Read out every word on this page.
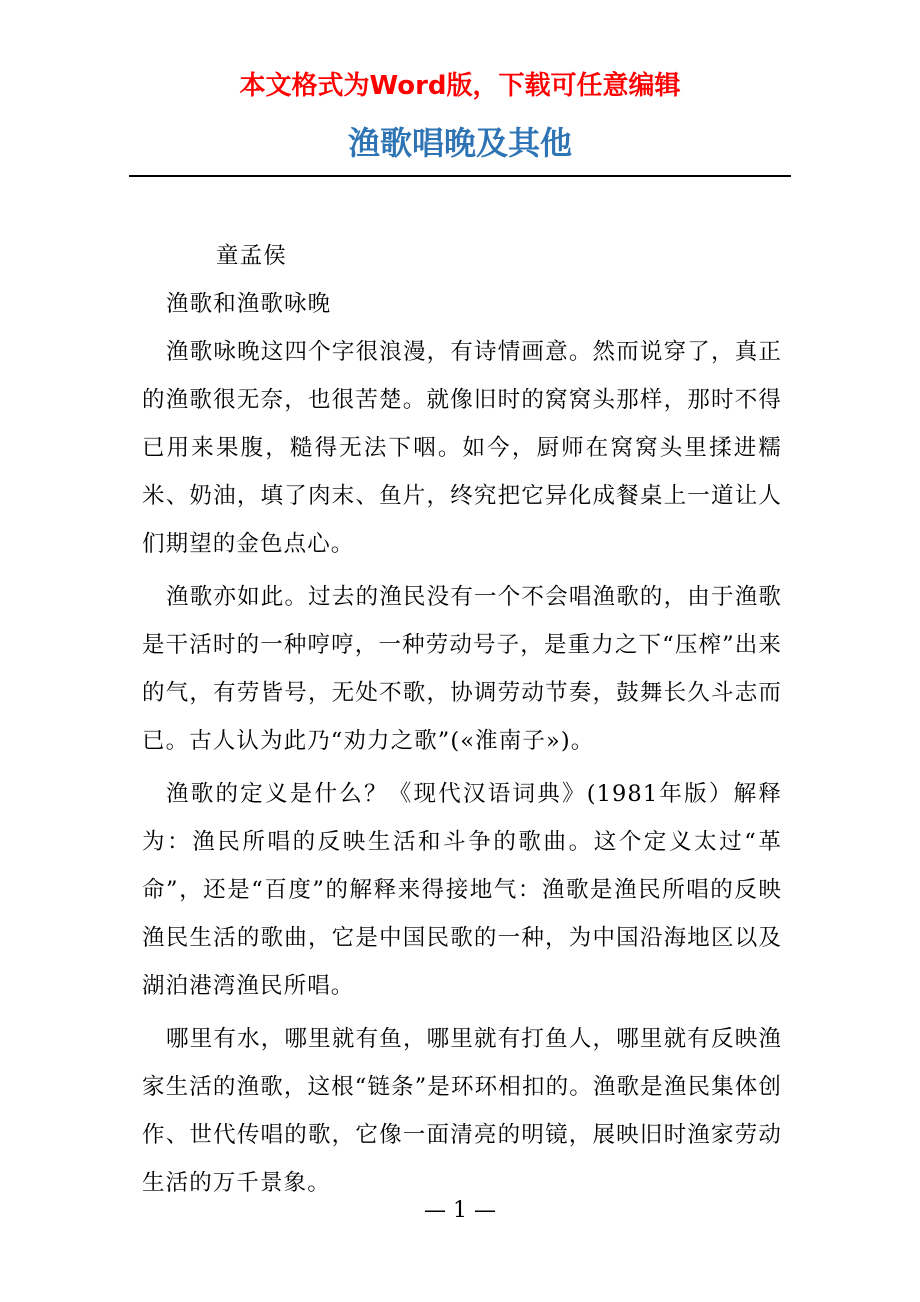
本文格式为Word版，下载可任意编辑
渔歌唱晚及其他

童孟侯

渔歌和渔歌咏晚

渔歌咏晚这四个字很浪漫，有诗情画意。然而说穿了，真正的渔歌很无奈，也很苦楚。就像旧时的窝窝头那样，那时不得已用来果腹，糙得无法下咽。如今，厨师在窝窝头里揉进糯米、奶油，填了肉末、鱼片，终究把它异化成餐桌上一道让人们期望的金色点心。

渔歌亦如此。过去的渔民没有一个不会唱渔歌的，由于渔歌是干活时的一种哼哼，一种劳动号子，是重力之下“压榨”出来的气，有劳皆号，无处不歌，协调劳动节奏，鼓舞长久斗志而已。古人认为此乃“劝力之歌”(«淮南子»)。

渔歌的定义是什么？《现代汉语词典》(1981年版）解释为：渔民所唱的反映生活和斗争的歌曲。这个定义太过“革命”，还是“百度”的解释来得接地气：渔歌是渔民所唱的反映渔民生活的歌曲，它是中国民歌的一种，为中国沿海地区以及湖泊港湾渔民所唱。

哪里有水，哪里就有鱼，哪里就有打鱼人，哪里就有反映渔家生活的渔歌，这根“链条”是环环相扣的。渔歌是渔民集体创作、世代传唱的歌，它像一面清亮的明镜，展映旧时渔家劳动生活的万千景象。

— 1 —
